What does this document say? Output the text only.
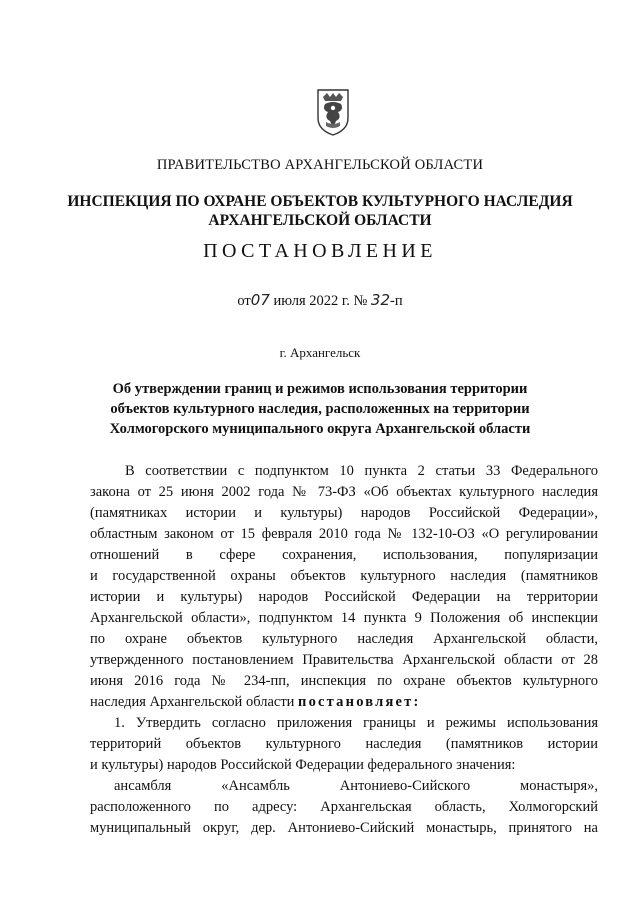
ПРАВИТЕЛЬСТВО АРХАНГЕЛЬСКОЙ ОБЛАСТИ
ИНСПЕКЦИЯ ПО ОХРАНЕ ОБЪЕКТОВ КУЛЬТУРНОГО НАСЛЕДИЯ
АРХАНГЕЛЬСКОЙ ОБЛАСТИ
ПОСТАНОВЛЕНИЕ
от07 июля 2022 г. № 32-п
г. Архангельск
Об утверждении границ и режимов использования территории
объектов культурного наследия, расположенных на территории
Холмогорского муниципального округа Архангельской области
В соответствии с подпунктом 10 пункта 2 статьи 33 Федерального
закона от 25 июня 2002 года № 73-ФЗ «Об объектах культурного наследия
(памятниках истории и культуры) народов Российской Федерации»,
областным законом от 15 февраля 2010 года № 132-10-ОЗ «О регулировании
отношений в сфере сохранения, использования, популяризации
и государственной охраны объектов культурного наследия (памятников
истории и культуры) народов Российской Федерации на территории
Архангельской области», подпунктом 14 пункта 9 Положения об инспекции
по охране объектов культурного наследия Архангельской области,
утвержденного постановлением Правительства Архангельской области от 28
июня 2016 года № 234-пп, инспекция по охране объектов культурного
наследия Архангельской области постановляет:
1. Утвердить согласно приложения границы и режимы использования
территорий объектов культурного наследия (памятников истории
и культуры) народов Российской Федерации федерального значения:
ансамбля «Ансамбль Антониево-Сийского монастыря»,
расположенного по адресу: Архангельская область, Холмогорский
муниципальный округ, дер. Антониево-Сийский монастырь, принятого на
